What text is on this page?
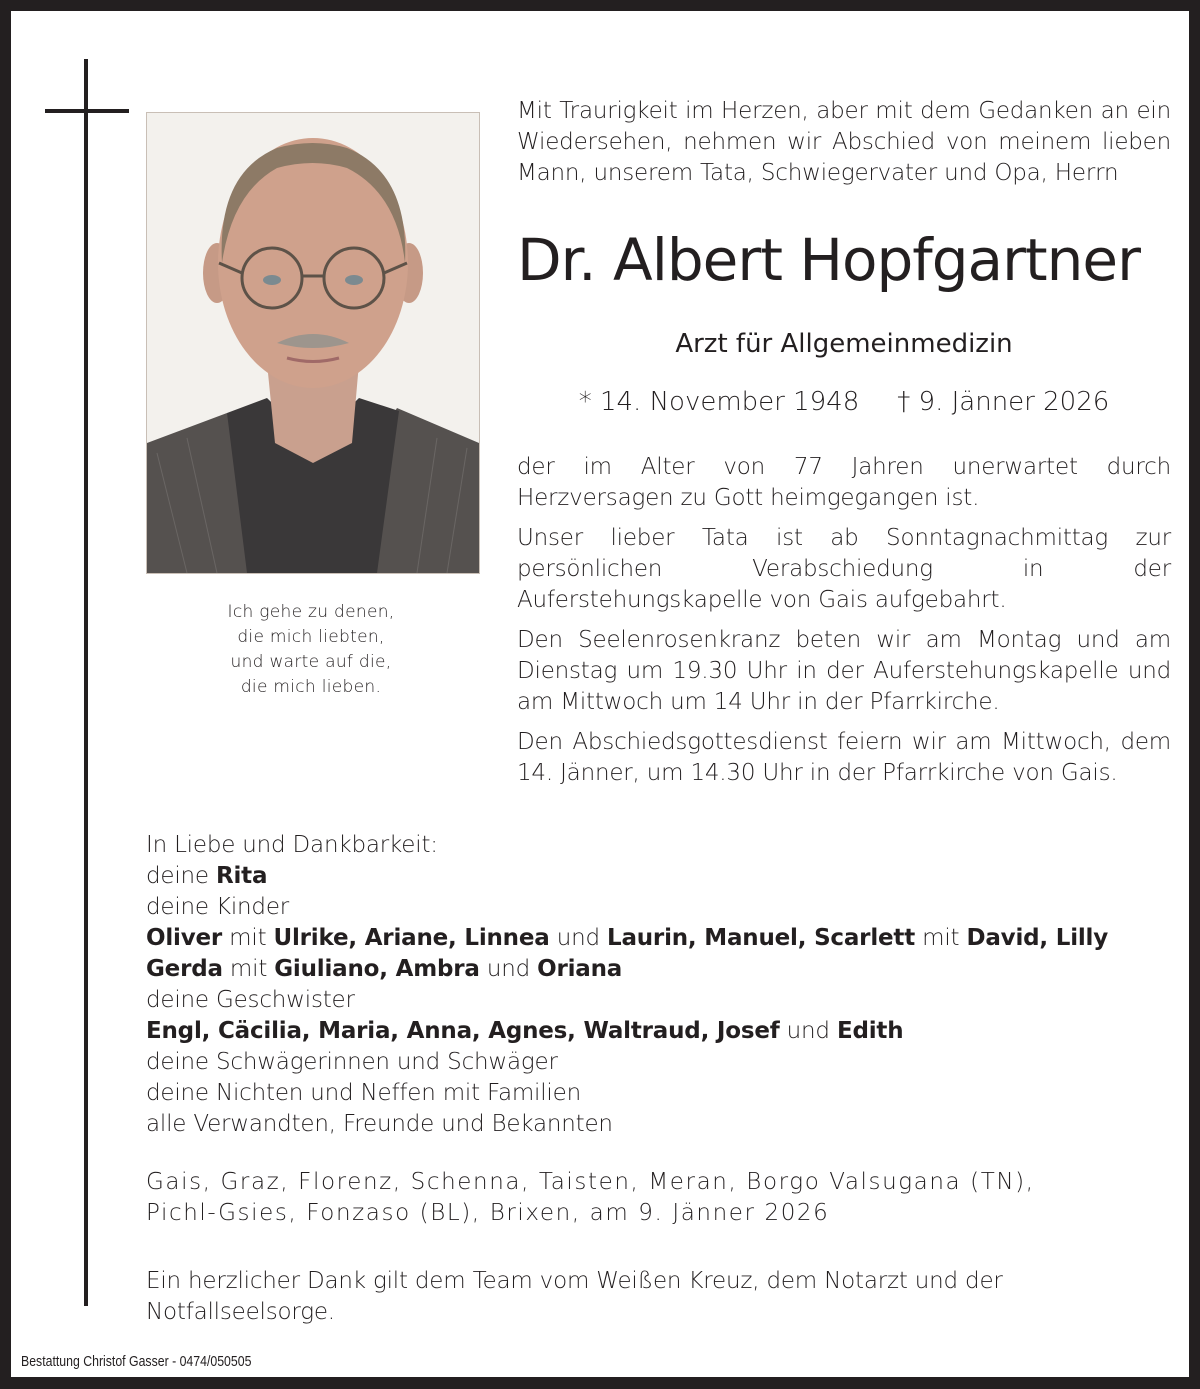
Ich gehe zu denen,
die mich liebten,
und warte auf die,
die mich lieben.
Mit Traurigkeit im Herzen, aber mit dem Gedanken an ein Wiedersehen, nehmen wir Abschied von meinem lieben Mann, unserem Tata, Schwiegervater und Opa, Herrn
Dr. Albert Hopfgartner
Arzt für Allgemeinmedizin
* 14. November 1948 † 9. Jänner 2026

der im Alter von 77 Jahren unerwartet durch Herzversagen zu Gott heimgegangen ist.

Unser lieber Tata ist ab Sonntagnachmittag zur persönlichen Verabschiedung in der Auferstehungskapelle von Gais aufgebahrt.

Den Seelenrosenkranz beten wir am Montag und am Dienstag um 19.30 Uhr in der Auferstehungskapelle und am Mittwoch um 14 Uhr in der Pfarrkirche.

Den Abschiedsgottesdienst feiern wir am Mittwoch, dem 14. Jänner, um 14.30 Uhr in der Pfarrkirche von Gais.

In Liebe und Dankbarkeit:
deine Rita
deine Kinder
Oliver mit Ulrike, Ariane, Linnea und Laurin, Manuel, Scarlett mit David, Lilly
Gerda mit Giuliano, Ambra und Oriana
deine Geschwister
Engl, Cäcilia, Maria, Anna, Agnes, Waltraud, Josef und Edith
deine Schwägerinnen und Schwäger
deine Nichten und Neffen mit Familien
alle Verwandten, Freunde und Bekannten
Gais, Graz, Florenz, Schenna, Taisten, Meran, Borgo Valsugana (TN),
Pichl-Gsies, Fonzaso (BL), Brixen, am 9. Jänner 2026
Ein herzlicher Dank gilt dem Team vom Weißen Kreuz, dem Notarzt und der Notfallseelsorge.
Bestattung Christof Gasser - 0474/050505
